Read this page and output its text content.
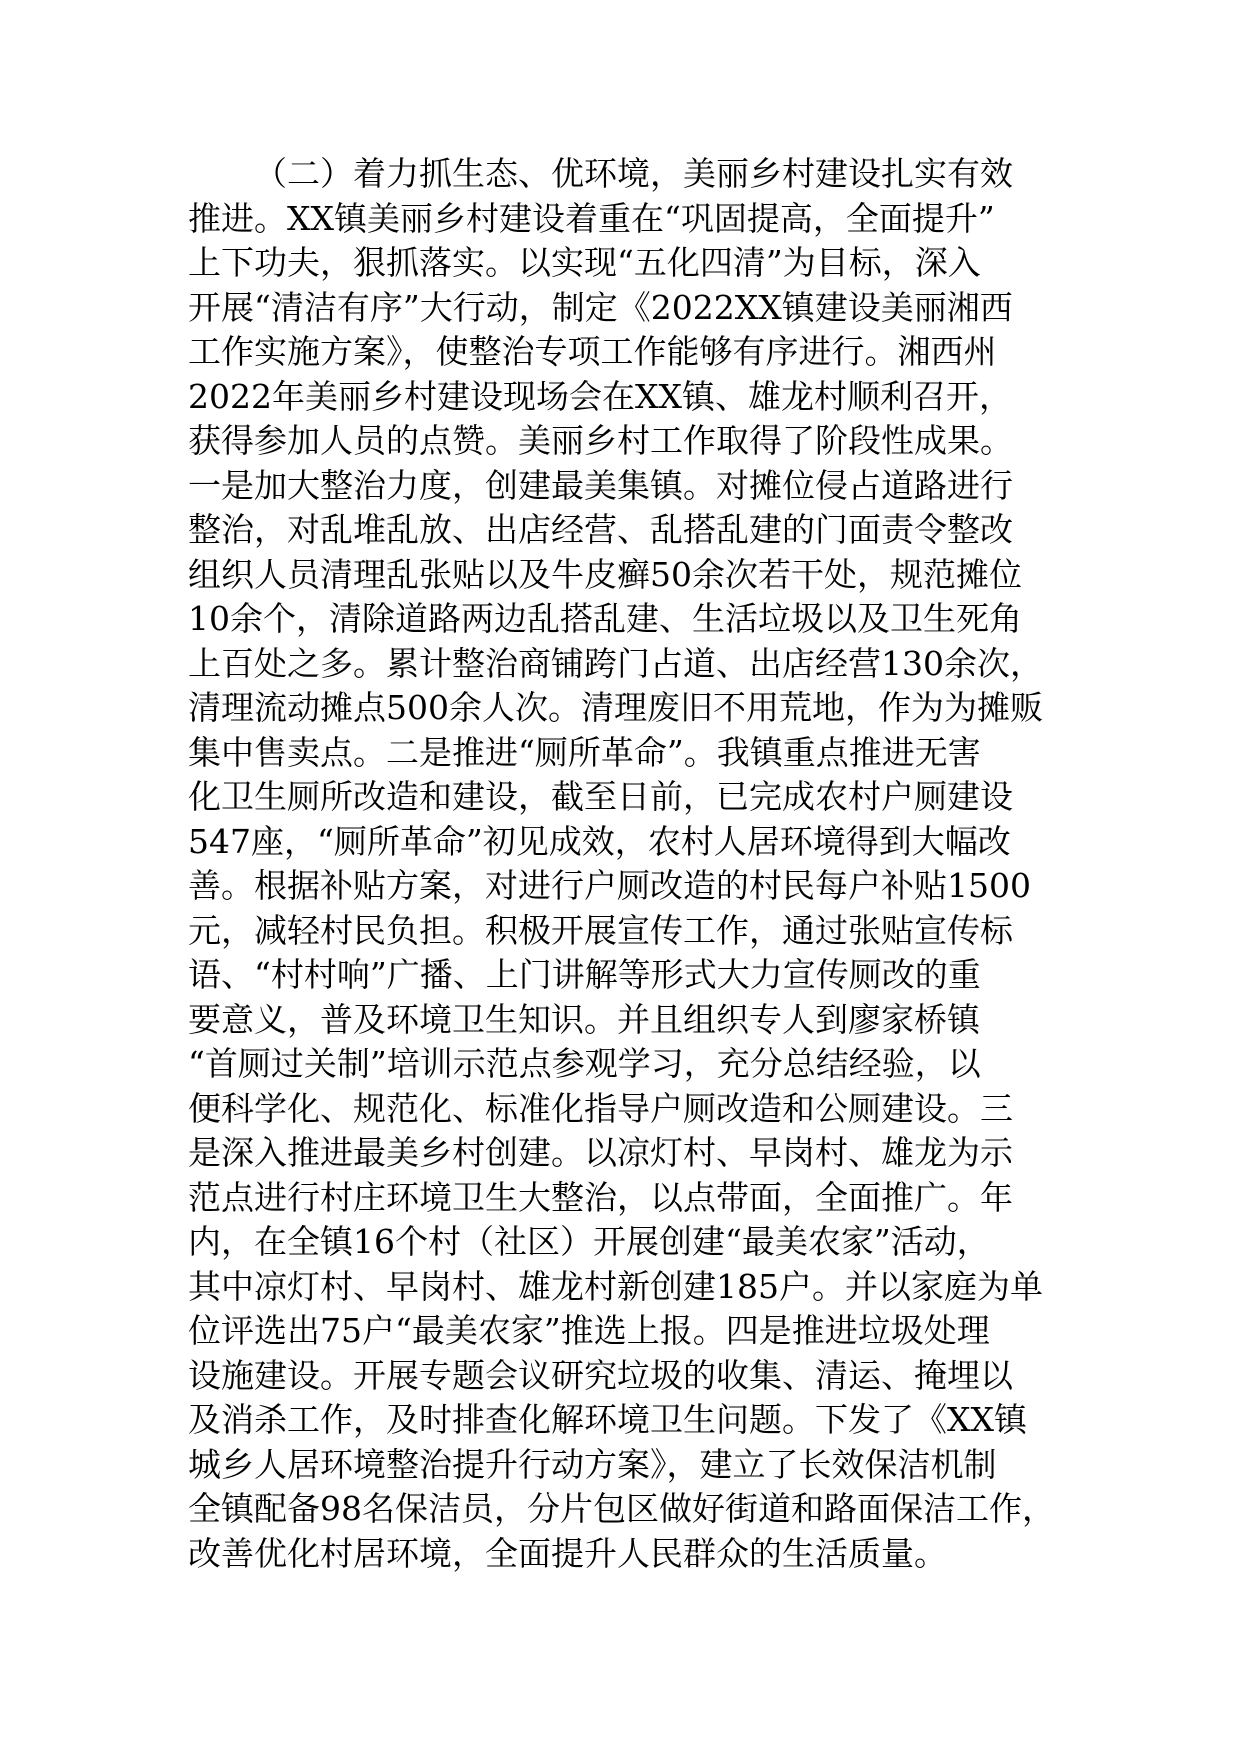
（二）着力抓生态、优环境，美丽乡村建设扎实有效
推进。XX镇美丽乡村建设着重在“巩固提高，全面提升”
上下功夫，狠抓落实。以实现“五化四清”为目标，深入
开展“清洁有序”大行动，制定《2022XX镇建设美丽湘西
工作实施方案》，使整治专项工作能够有序进行。湘西州
2022年美丽乡村建设现场会在XX镇、雄龙村顺利召开，
获得参加人员的点赞。美丽乡村工作取得了阶段性成果。
一是加大整治力度，创建最美集镇。对摊位侵占道路进行
整治，对乱堆乱放、出店经营、乱搭乱建的门面责令整改
组织人员清理乱张贴以及牛皮癣50余次若干处，规范摊位
10余个，清除道路两边乱搭乱建、生活垃圾以及卫生死角
上百处之多。累计整治商铺跨门占道、出店经营130余次，
清理流动摊点500余人次。清理废旧不用荒地，作为为摊贩
集中售卖点。二是推进“厕所革命”。我镇重点推进无害
化卫生厕所改造和建设，截至日前，已完成农村户厕建设
547座，“厕所革命”初见成效，农村人居环境得到大幅改
善。根据补贴方案，对进行户厕改造的村民每户补贴1500
元，减轻村民负担。积极开展宣传工作，通过张贴宣传标
语、“村村响”广播、上门讲解等形式大力宣传厕改的重
要意义，普及环境卫生知识。并且组织专人到廖家桥镇
“首厕过关制”培训示范点参观学习，充分总结经验，以
便科学化、规范化、标准化指导户厕改造和公厕建设。三
是深入推进最美乡村创建。以凉灯村、早岗村、雄龙为示
范点进行村庄环境卫生大整治，以点带面，全面推广。年
内，在全镇16个村（社区）开展创建“最美农家”活动，
其中凉灯村、早岗村、雄龙村新创建185户。并以家庭为单
位评选出75户“最美农家”推选上报。四是推进垃圾处理
设施建设。开展专题会议研究垃圾的收集、清运、掩埋以
及消杀工作，及时排查化解环境卫生问题。下发了《XX镇
城乡人居环境整治提升行动方案》，建立了长效保洁机制
全镇配备98名保洁员，分片包区做好街道和路面保洁工作，
改善优化村居环境，全面提升人民群众的生活质量。
